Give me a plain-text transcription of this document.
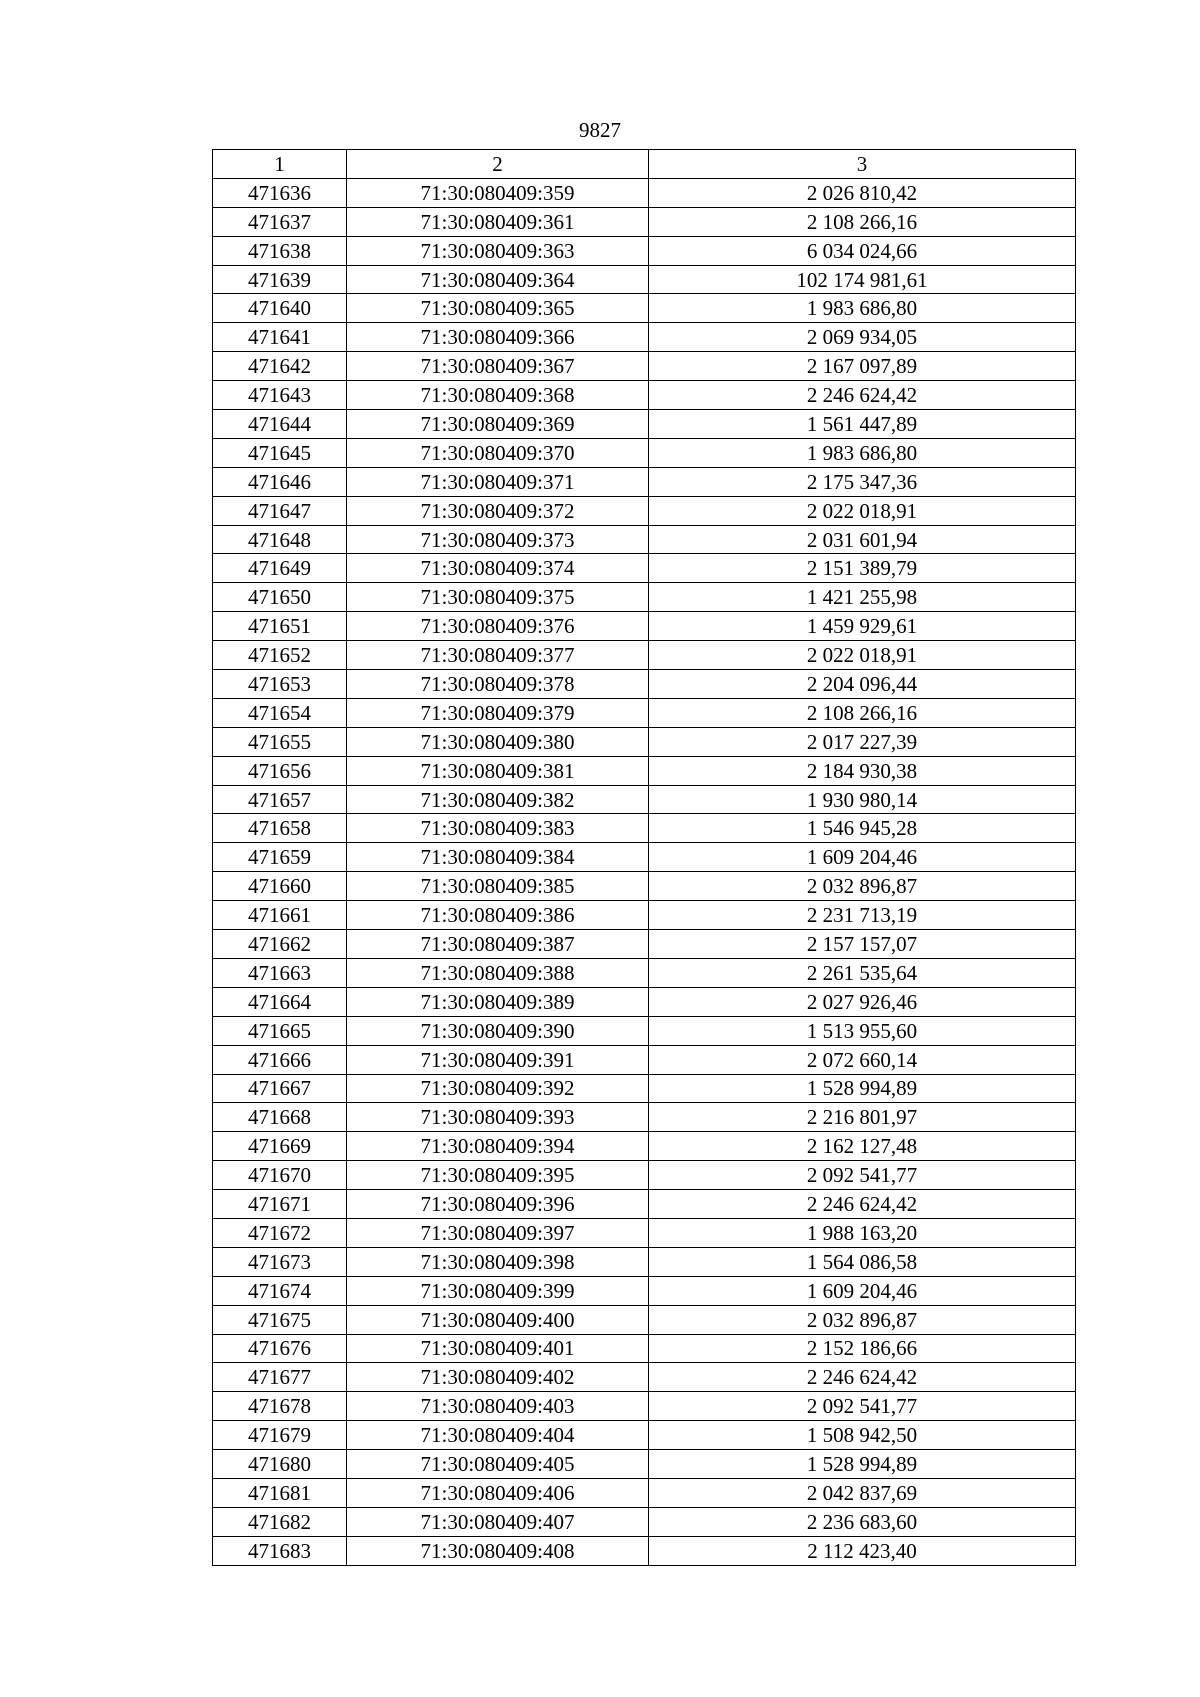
9827
1	2	3
471636	71:30:080409:359	2 026 810,42
471637	71:30:080409:361	2 108 266,16
471638	71:30:080409:363	6 034 024,66
471639	71:30:080409:364	102 174 981,61
471640	71:30:080409:365	1 983 686,80
471641	71:30:080409:366	2 069 934,05
471642	71:30:080409:367	2 167 097,89
471643	71:30:080409:368	2 246 624,42
471644	71:30:080409:369	1 561 447,89
471645	71:30:080409:370	1 983 686,80
471646	71:30:080409:371	2 175 347,36
471647	71:30:080409:372	2 022 018,91
471648	71:30:080409:373	2 031 601,94
471649	71:30:080409:374	2 151 389,79
471650	71:30:080409:375	1 421 255,98
471651	71:30:080409:376	1 459 929,61
471652	71:30:080409:377	2 022 018,91
471653	71:30:080409:378	2 204 096,44
471654	71:30:080409:379	2 108 266,16
471655	71:30:080409:380	2 017 227,39
471656	71:30:080409:381	2 184 930,38
471657	71:30:080409:382	1 930 980,14
471658	71:30:080409:383	1 546 945,28
471659	71:30:080409:384	1 609 204,46
471660	71:30:080409:385	2 032 896,87
471661	71:30:080409:386	2 231 713,19
471662	71:30:080409:387	2 157 157,07
471663	71:30:080409:388	2 261 535,64
471664	71:30:080409:389	2 027 926,46
471665	71:30:080409:390	1 513 955,60
471666	71:30:080409:391	2 072 660,14
471667	71:30:080409:392	1 528 994,89
471668	71:30:080409:393	2 216 801,97
471669	71:30:080409:394	2 162 127,48
471670	71:30:080409:395	2 092 541,77
471671	71:30:080409:396	2 246 624,42
471672	71:30:080409:397	1 988 163,20
471673	71:30:080409:398	1 564 086,58
471674	71:30:080409:399	1 609 204,46
471675	71:30:080409:400	2 032 896,87
471676	71:30:080409:401	2 152 186,66
471677	71:30:080409:402	2 246 624,42
471678	71:30:080409:403	2 092 541,77
471679	71:30:080409:404	1 508 942,50
471680	71:30:080409:405	1 528 994,89
471681	71:30:080409:406	2 042 837,69
471682	71:30:080409:407	2 236 683,60
471683	71:30:080409:408	2 112 423,40
